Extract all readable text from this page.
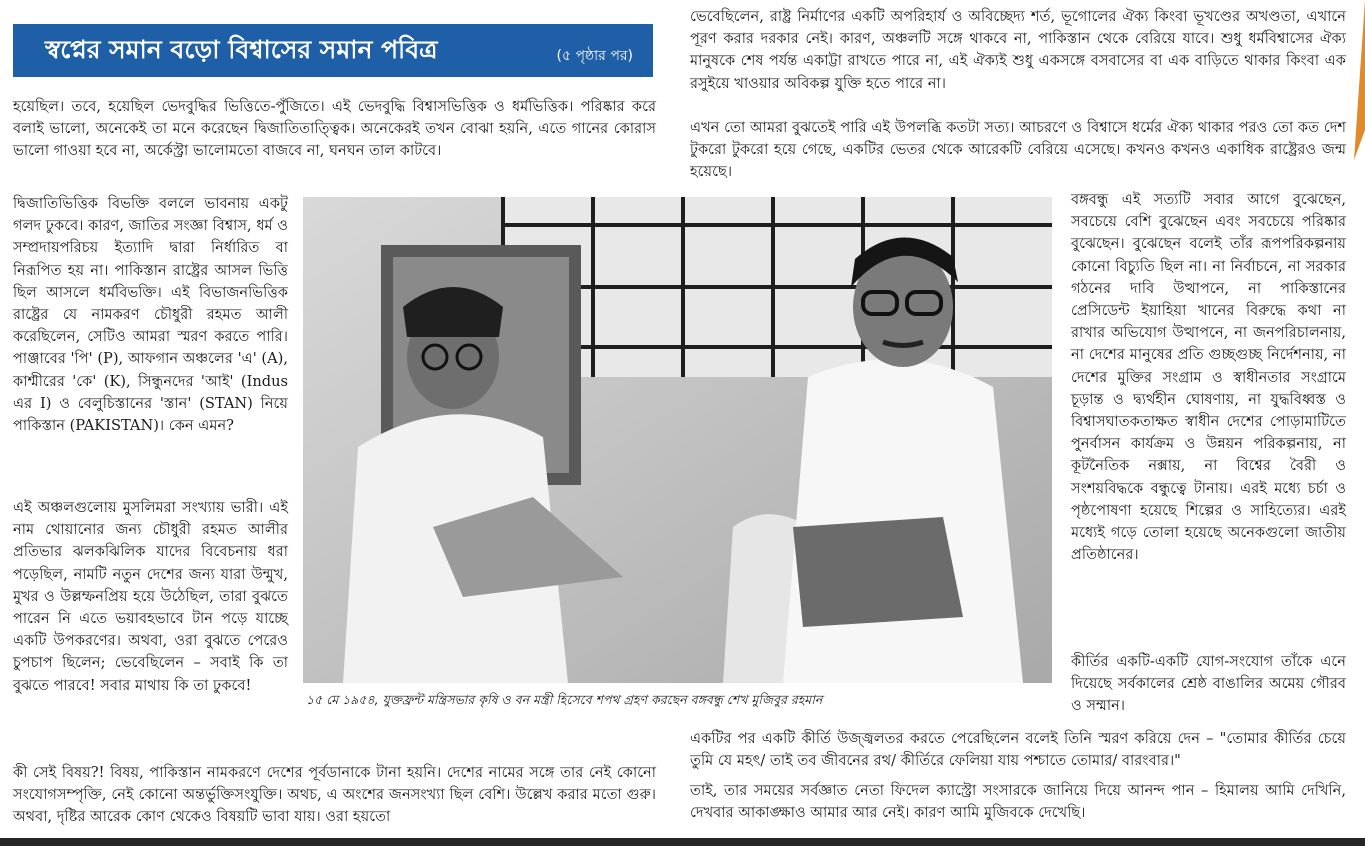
স্বপ্নের সমান বড়ো বিশ্বাসের সমান পবিত্র	(৫ পৃষ্ঠার পর)

হয়েছিল। তবে, হয়েছিল ভেদবুদ্ধির ভিত্তিতে-পুঁজিতে। এই ভেদবুদ্ধি বিশ্বাসভিত্তিক ও ধর্মভিত্তিক। পরিষ্কার করে বলাই ভালো, অনেকেই তা মনে করেছেন দ্বিজাতিতাত্ত্বিক। অনেকেরই তখন বোঝা হয়নি, এতে গানের কোরাস ভালো গাওয়া হবে না, অর্কেস্ট্রা ভালোমতো বাজবে না, ঘনঘন তাল কাটবে।

দ্বিজাতিভিত্তিক বিভক্তি বললে ভাবনায় একটু গলদ ঢুকবে। কারণ, জাতির সংজ্ঞা বিশ্বাস, ধর্ম ও সম্প্রদায়পরিচয় ইত্যাদি দ্বারা নির্ধারিত বা নিরূপিত হয় না। পাকিস্তান রাষ্ট্রের আসল ভিত্তি ছিল আসলে ধর্মবিভক্তি। এই বিভাজনভিত্তিক রাষ্ট্রের যে নামকরণ চৌধুরী রহমত আলী করেছিলেন, সেটিও আমরা স্মরণ করতে পারি। পাঞ্জাবের 'পি' (P), আফগান অঞ্চলের 'এ' (A), কাশ্মীরের 'কে' (K), সিন্ধুনদের 'আই' (Indus এর I) ও বেলুচিস্তানের 'স্তান' (STAN) নিয়ে পাকিস্তান (PAKISTAN)। কেন এমন?

এই অঞ্চলগুলোয় মুসলিমরা সংখ্যায় ভারী। এই নাম থোয়ানোর জন্য চৌধুরী রহমত আলীর প্রতিভার ঝলকঝিলিক যাদের বিবেচনায় ধরা পড়েছিল, নামটি নতুন দেশের জন্য যারা উন্মুখ, মুখর ও উল্লম্ফনপ্রিয় হয়ে উঠেছিল, তারা বুঝতে পারেন নি এতে ভয়াবহভাবে টান পড়ে যাচ্ছে একটি উপকরণের। অথবা, ওরা বুঝতে পেরেও চুপচাপ ছিলেন; ভেবেছিলেন – সবাই কি তা বুঝতে পারবে! সবার মাথায় কি তা ঢুকবে!

কী সেই বিষয়?! বিষয়, পাকিস্তান নামকরণে দেশের পূর্বডানাকে টানা হয়নি। দেশের নামের সঙ্গে তার নেই কোনো সংযোগসম্পৃক্তি, নেই কোনো অন্তর্ভুক্তিসংযুক্তি। অথচ, এ অংশের জনসংখ্যা ছিল বেশি। উল্লেখ করার মতো গুরু। অথবা, দৃষ্টির আরেক কোণ থেকেও বিষয়টি ভাবা যায়। ওরা হয়তো

ভেবেছিলেন, রাষ্ট্র নির্মাণের একটি অপরিহার্য ও অবিচ্ছেদ্য শর্ত, ভূগোলের ঐক্য কিংবা ভূখণ্ডের অখণ্ডতা, এখানে পূরণ করার দরকার নেই। কারণ, অঞ্চলটি সঙ্গে থাকবে না, পাকিস্তান থেকে বেরিয়ে যাবে। শুধু ধর্মবিশ্বাসের ঐক্য মানুষকে শেষ পর্যন্ত একাট্টা রাখতে পারে না, এই ঐক্যই শুধু একসঙ্গে বসবাসের বা এক বাড়িতে থাকার কিংবা এক রসুইয়ে খাওয়ার অবিকল্প যুক্তি হতে পারে না।

এখন তো আমরা বুঝতেই পারি এই উপলব্ধি কতটা সত্য। আচরণে ও বিশ্বাসে ধর্মের ঐক্য থাকার পরও তো কত দেশ টুকরো টুকরো হয়ে গেছে, একটির ভেতর থেকে আরেকটি বেরিয়ে এসেছে। কখনও কখনও একাধিক রাষ্ট্রেরও জন্ম হয়েছে।

বঙ্গবন্ধু এই সত্যটি সবার আগে বুঝেছেন, সবচেয়ে বেশি বুঝেছেন এবং সবচেয়ে পরিষ্কার বুঝেছেন। বুঝেছেন বলেই তাঁর রূপপরিকল্পনায় কোনো বিচ্যুতি ছিল না। না নির্বাচনে, না সরকার গঠনের দাবি উত্থাপনে, না পাকিস্তানের প্রেসিডেন্ট ইয়াহিয়া খানের বিরুদ্ধে কথা না রাখার অভিযোগ উত্থাপনে, না জনপরিচালনায়, না দেশের মানুষের প্রতি গুচ্ছগুচ্ছ নির্দেশনায়, না দেশের মুক্তির সংগ্রাম ও স্বাধীনতার সংগ্রামে চূড়ান্ত ও দ্ব্যর্থহীন ঘোষণায়, না যুদ্ধবিধ্বস্ত ও বিশ্বাসঘাতকতাক্ষত স্বাধীন দেশের পোড়ামাটিতে পুনর্বাসন কার্যক্রম ও উন্নয়ন পরিকল্পনায়, না কূটনৈতিক নক্সায়, না বিশ্বের বৈরী ও সংশয়বিদ্ধকে বন্ধুত্বে টানায়। এরই মধ্যে চর্চা ও পৃষ্ঠপোষণা হয়েছে শিল্পের ও সাহিত্যের। এরই মধ্যেই গড়ে তোলা হয়েছে অনেকগুলো জাতীয় প্রতিষ্ঠানের।

কীর্তির একটি-একটি যোগ-সংযোগ তাঁকে এনে দিয়েছে সর্বকালের শ্রেষ্ঠ বাঙালির অমেয় গৌরব ও সম্মান।

একটির পর একটি কীর্তি উজ্জ্বলতর করতে পেরেছিলেন বলেই তিনি স্মরণ করিয়ে দেন – "তোমার কীর্তির চেয়ে তুমি যে মহৎ/ তাই তব জীবনের রথ/ কীর্তিরে ফেলিয়া যায় পশ্চাতে তোমার/ বারংবার।"

তাই, তার সময়ের সর্বজ্ঞাত নেতা ফিদেল ক্যাস্ট্রো সংসারকে জানিয়ে দিয়ে আনন্দ পান – হিমালয় আমি দেখিনি, দেখবার আকাঙ্ক্ষাও আমার আর নেই। কারণ আমি মুজিবকে দেখেছি।

১৫ মে ১৯৫৪, যুক্তফ্রন্ট মন্ত্রিসভার কৃষি ও বন মন্ত্রী হিসেবে শপথ গ্রহণ করছেন বঙ্গবন্ধু শেখ মুজিবুর রহমান
